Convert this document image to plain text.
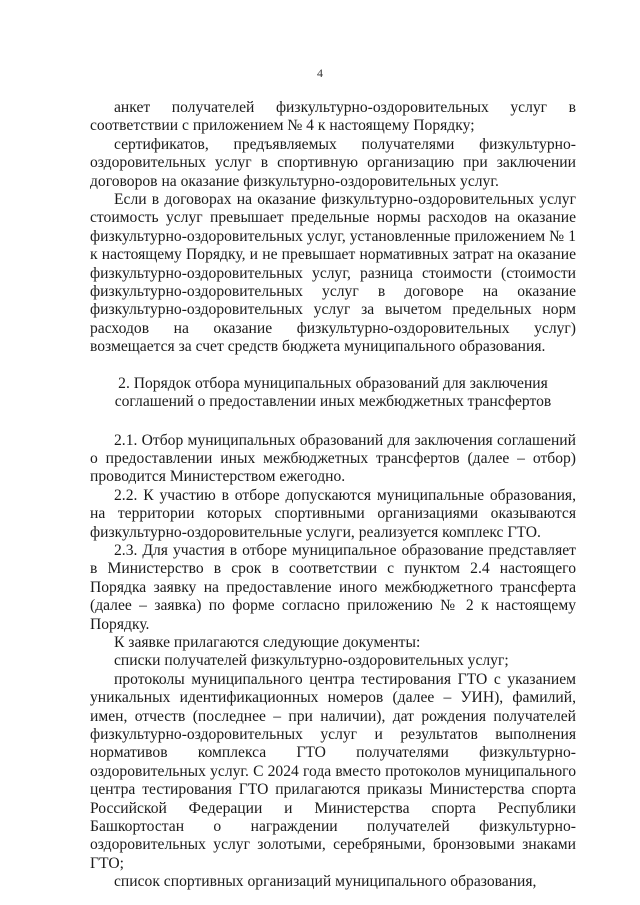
4

анкет получателей физкультурно-оздоровительных услуг в соответствии с приложением № 4 к настоящему Порядку;

сертификатов, предъявляемых получателями физкультурно-оздоровительных услуг в спортивную организацию при заключении договоров на оказание физкультурно-оздоровительных услуг.

Если в договорах на оказание физкультурно-оздоровительных услуг стоимость услуг превышает предельные нормы расходов на оказание физкультурно-оздоровительных услуг, установленные приложением № 1 к настоящему Порядку, и не превышает нормативных затрат на оказание физкультурно-оздоровительных услуг, разница стоимости (стоимости физкультурно-оздоровительных услуг в договоре на оказание физкультурно-оздоровительных услуг за вычетом предельных норм расходов на оказание физкультурно-оздоровительных услуг) возмещается за счет средств бюджета муниципального образования.

2. Порядок отбора муниципальных образований для заключения
соглашений о предоставлении иных межбюджетных трансфертов

2.1. Отбор муниципальных образований для заключения соглашений о предоставлении иных межбюджетных трансфертов (далее – отбор) проводится Министерством ежегодно.

2.2. К участию в отборе допускаются муниципальные образования, на территории которых спортивными организациями оказываются физкультурно-оздоровительные услуги, реализуется комплекс ГТО.

2.3. Для участия в отборе муниципальное образование представляет в Министерство в срок в соответствии с пунктом 2.4 настоящего Порядка заявку на предоставление иного межбюджетного трансферта (далее – заявка) по форме согласно приложению № 2 к настоящему Порядку.

К заявке прилагаются следующие документы:

списки получателей физкультурно-оздоровительных услуг;

протоколы муниципального центра тестирования ГТО с указанием уникальных идентификационных номеров (далее – УИН), фамилий, имен, отчеств (последнее – при наличии), дат рождения получателей физкультурно-оздоровительных услуг и результатов выполнения нормативов комплекса ГТО получателями физкультурно-оздоровительных услуг. С 2024 года вместо протоколов муниципального центра тестирования ГТО прилагаются приказы Министерства спорта Российской Федерации и Министерства спорта Республики Башкортостан о награждении получателей физкультурно-оздоровительных услуг золотыми, серебряными, бронзовыми знаками ГТО;

список спортивных организаций муниципального образования,
